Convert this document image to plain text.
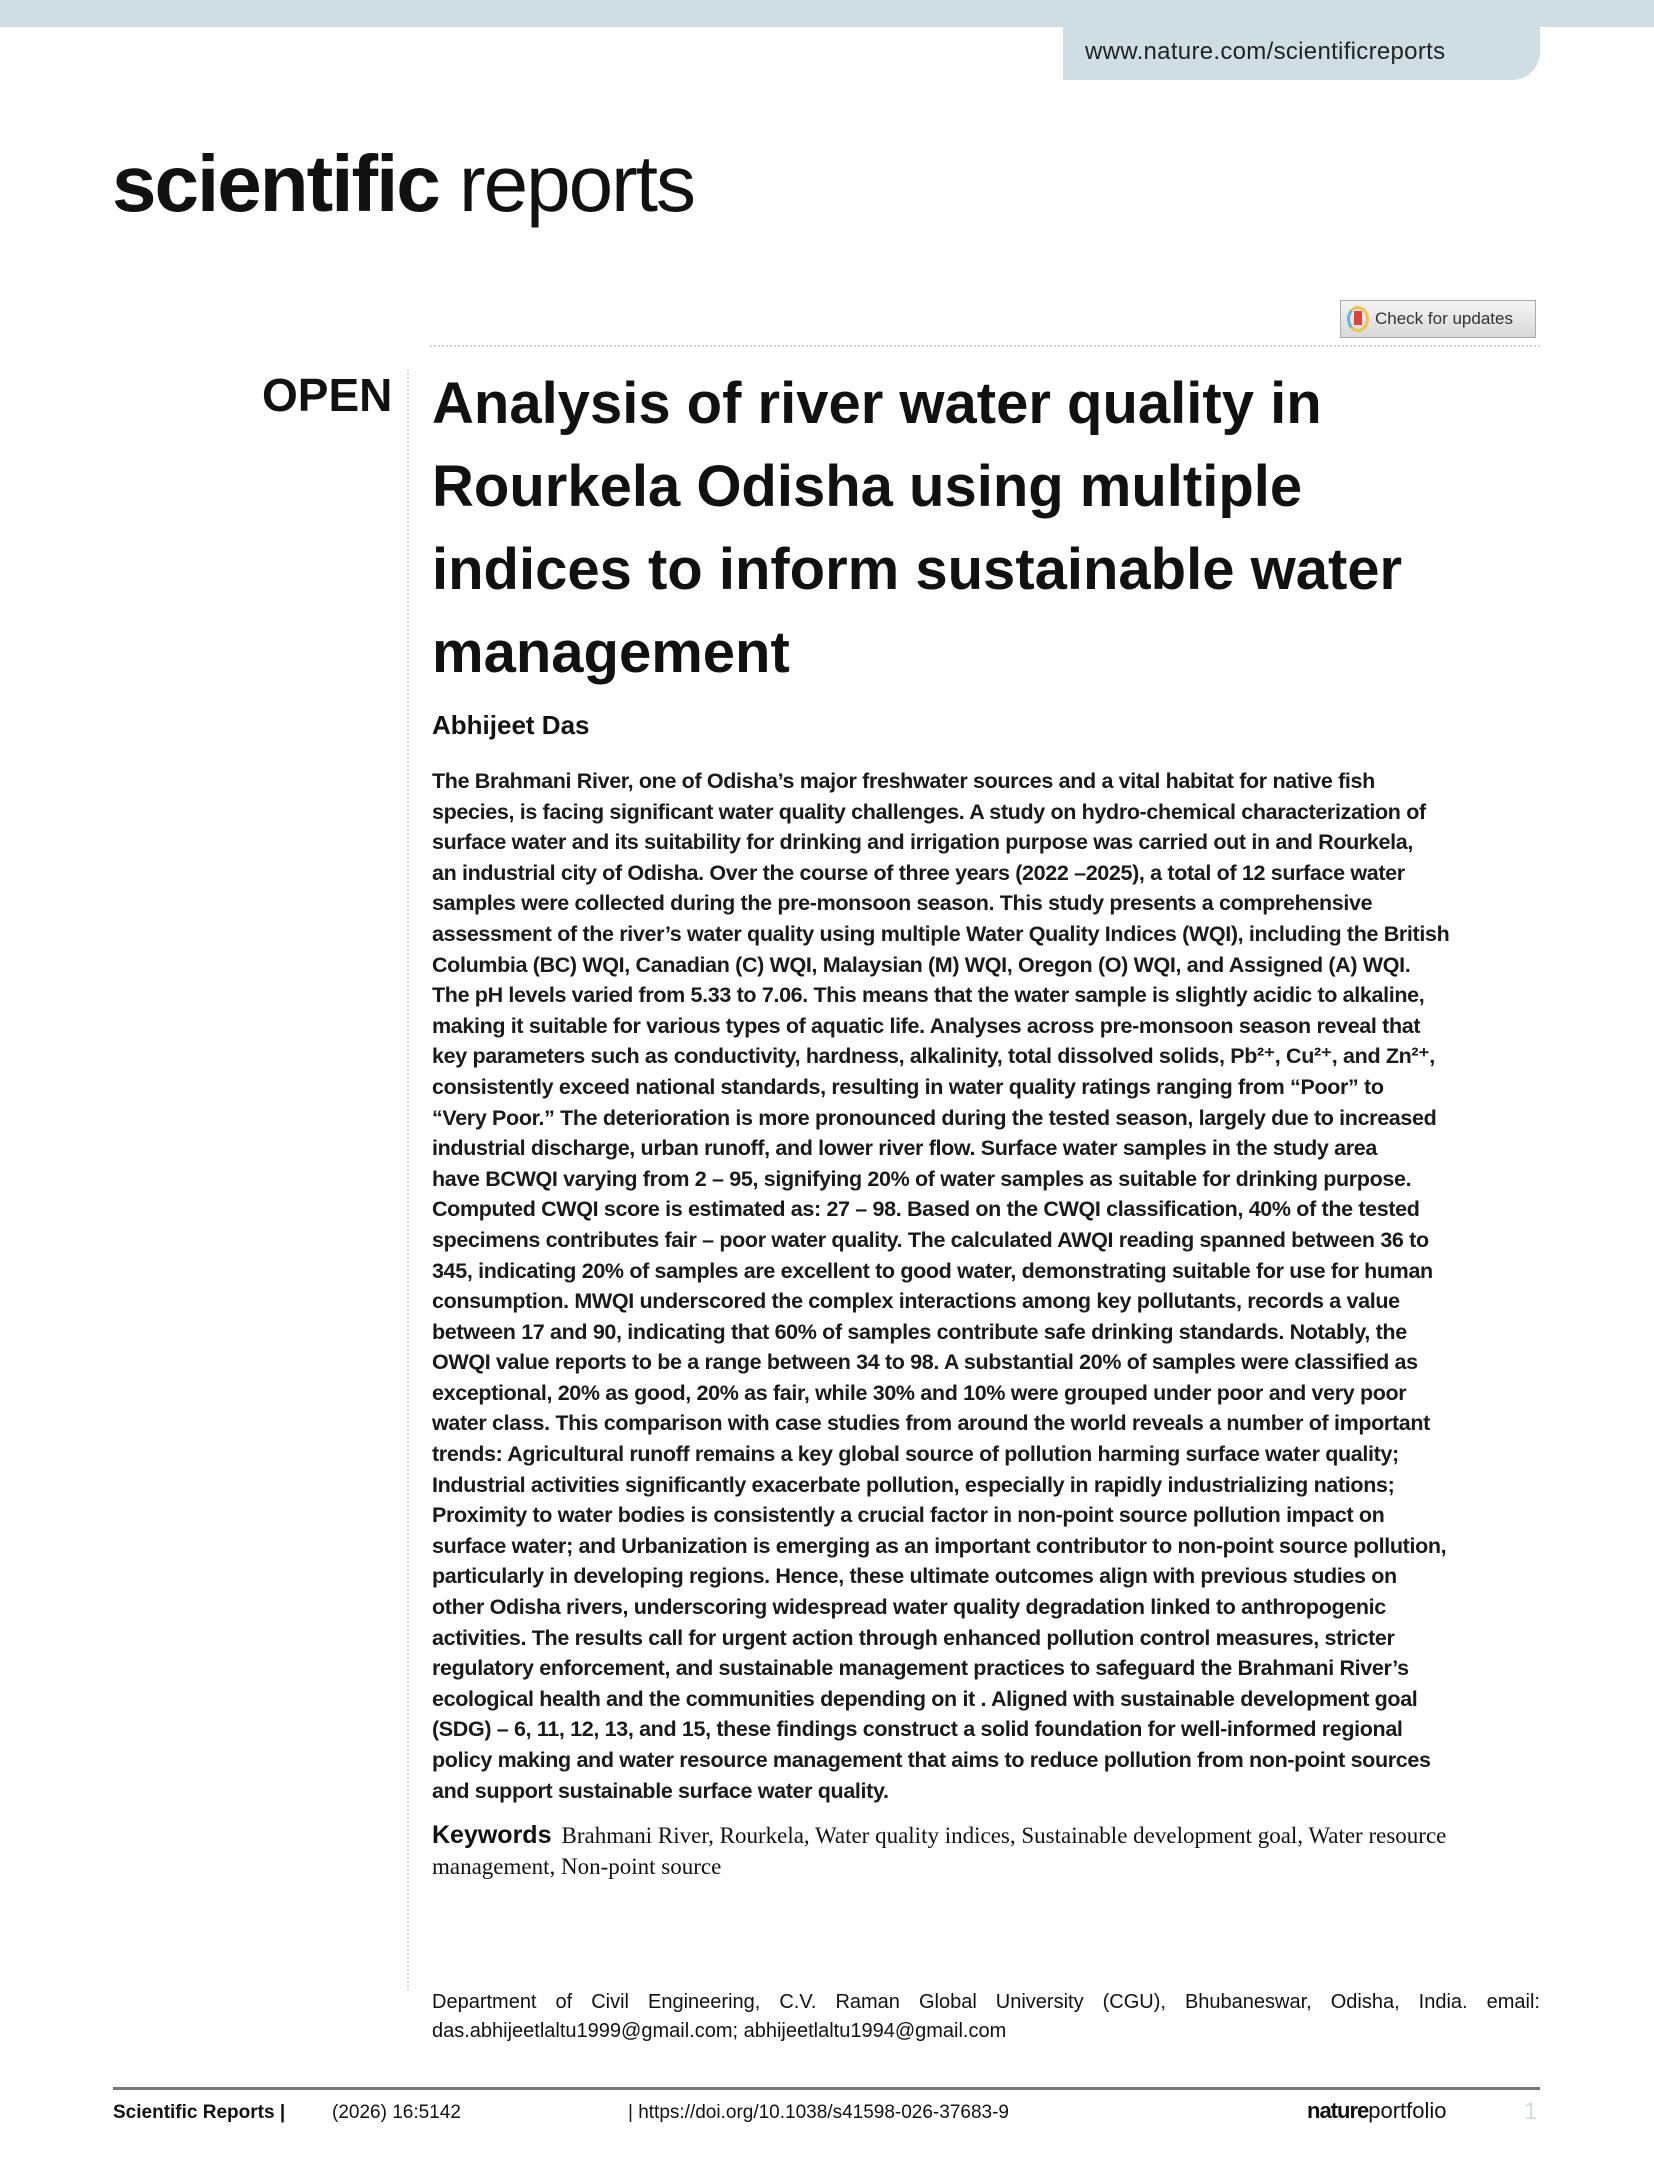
www.nature.com/scientificreports
scientific reports
Check for updates
OPEN Analysis of river water quality in
Rourkela Odisha using multiple
indices to inform sustainable water
management
Abhijeet Das
The Brahmani River, one of Odisha’s major freshwater sources and a vital habitat for native fish
species, is facing significant water quality challenges. A study on hydro-chemical characterization of
surface water and its suitability for drinking and irrigation purpose was carried out in and Rourkela,
an industrial city of Odisha. Over the course of three years (2022 –2025), a total of 12 surface water
samples were collected during the pre-monsoon season. This study presents a comprehensive
assessment of the river’s water quality using multiple Water Quality Indices (WQI), including the British
Columbia (BC) WQI, Canadian (C) WQI, Malaysian (M) WQI, Oregon (O) WQI, and Assigned (A) WQI.
The pH levels varied from 5.33 to 7.06. This means that the water sample is slightly acidic to alkaline,
making it suitable for various types of aquatic life. Analyses across pre-monsoon season reveal that
key parameters such as conductivity, hardness, alkalinity, total dissolved solids, Pb²⁺, Cu²⁺, and Zn²⁺,
consistently exceed national standards, resulting in water quality ratings ranging from “Poor” to
“Very Poor.” The deterioration is more pronounced during the tested season, largely due to increased
industrial discharge, urban runoff, and lower river flow. Surface water samples in the study area
have BCWQI varying from 2 – 95, signifying 20% of water samples as suitable for drinking purpose.
Computed CWQI score is estimated as: 27 – 98. Based on the CWQI classification, 40% of the tested
specimens contributes fair – poor water quality. The calculated AWQI reading spanned between 36 to
345, indicating 20% of samples are excellent to good water, demonstrating suitable for use for human
consumption. MWQI underscored the complex interactions among key pollutants, records a value
between 17 and 90, indicating that 60% of samples contribute safe drinking standards. Notably, the
OWQI value reports to be a range between 34 to 98. A substantial 20% of samples were classified as
exceptional, 20% as good, 20% as fair, while 30% and 10% were grouped under poor and very poor
water class. This comparison with case studies from around the world reveals a number of important
trends: Agricultural runoff remains a key global source of pollution harming surface water quality;
Industrial activities significantly exacerbate pollution, especially in rapidly industrializing nations;
Proximity to water bodies is consistently a crucial factor in non-point source pollution impact on
surface water; and Urbanization is emerging as an important contributor to non-point source pollution,
particularly in developing regions. Hence, these ultimate outcomes align with previous studies on
other Odisha rivers, underscoring widespread water quality degradation linked to anthropogenic
activities. The results call for urgent action through enhanced pollution control measures, stricter
regulatory enforcement, and sustainable management practices to safeguard the Brahmani River’s
ecological health and the communities depending on it . Aligned with sustainable development goal
(SDG) – 6, 11, 12, 13, and 15, these findings construct a solid foundation for well-informed regional
policy making and water resource management that aims to reduce pollution from non-point sources
and support sustainable surface water quality.
Keywords Brahmani River, Rourkela, Water quality indices, Sustainable development goal, Water resource management, Non-point source
Department of Civil Engineering, C.V. Raman Global University (CGU), Bhubaneswar, Odisha, India. email: das.abhijeetlaltu1999@gmail.com; abhijeetlaltu1994@gmail.com
Scientific Reports | (2026) 16:5142	| https://doi.org/10.1038/s41598-026-37683-9	natureportfolio	1
